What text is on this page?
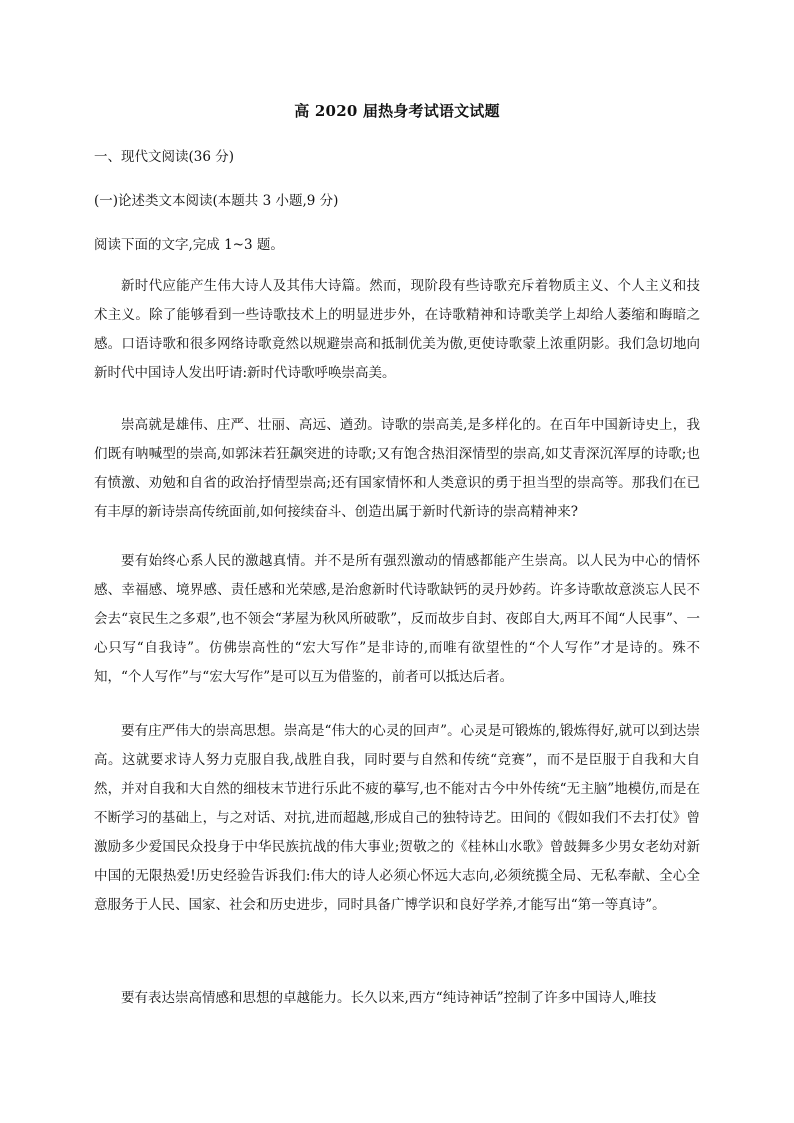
高 2020 届热身考试语文试题
一、现代文阅读(36 分)
(一)论述类文本阅读(本题共 3 小题,9 分)
阅读下面的文字,完成 1~3 题。

新时代应能产生伟大诗人及其伟大诗篇。然而，现阶段有些诗歌充斥着物质主义、个人主义和技术主义。除了能够看到一些诗歌技术上的明显进步外，在诗歌精神和诗歌美学上却给人萎缩和晦暗之感。口语诗歌和很多网络诗歌竟然以规避崇高和抵制优美为傲,更使诗歌蒙上浓重阴影。我们急切地向新时代中国诗人发出吁请:新时代诗歌呼唤崇高美。

崇高就是雄伟、庄严、壮丽、高远、遒劲。诗歌的崇高美,是多样化的。在百年中国新诗史上，我们既有呐喊型的崇高,如郭沫若狂飙突进的诗歌;又有饱含热泪深情型的崇高,如艾青深沉浑厚的诗歌;也有愤激、劝勉和自省的政治抒情型崇高;还有国家情怀和人类意识的勇于担当型的崇高等。那我们在已有丰厚的新诗崇高传统面前,如何接续奋斗、创造出属于新时代新诗的崇高精神来?

要有始终心系人民的激越真情。并不是所有强烈激动的情感都能产生崇高。以人民为中心的情怀感、幸福感、境界感、责任感和光荣感,是治愈新时代诗歌缺钙的灵丹妙药。许多诗歌故意淡忘人民不会去“哀民生之多艰”,也不领会“茅屋为秋风所破歌”，反而故步自封、夜郎自大,两耳不闻“人民事”、一心只写“自我诗”。仿佛崇高性的“宏大写作”是非诗的,而唯有欲望性的“个人写作”才是诗的。殊不知，“个人写作”与“宏大写作”是可以互为借鉴的，前者可以抵达后者。

要有庄严伟大的崇高思想。崇高是“伟大的心灵的回声”。心灵是可锻炼的,锻炼得好,就可以到达崇高。这就要求诗人努力克服自我,战胜自我，同时要与自然和传统“竞赛”，而不是臣服于自我和大自然，并对自我和大自然的细枝末节进行乐此不疲的摹写,也不能对古今中外传统“无主脑”地模仿,而是在不断学习的基础上，与之对话、对抗,进而超越,形成自己的独特诗艺。田间的《假如我们不去打仗》曾激励多少爱国民众投身于中华民族抗战的伟大事业;贺敬之的《桂林山水歌》曾鼓舞多少男女老幼对新中国的无限热爱!历史经验告诉我们:伟大的诗人必须心怀远大志向,必须统揽全局、无私奉献、全心全意服务于人民、国家、社会和历史进步，同时具备广博学识和良好学养,才能写出“第一等真诗”。

要有表达崇高情感和思想的卓越能力。长久以来,西方“纯诗神话”控制了许多中国诗人,唯技
